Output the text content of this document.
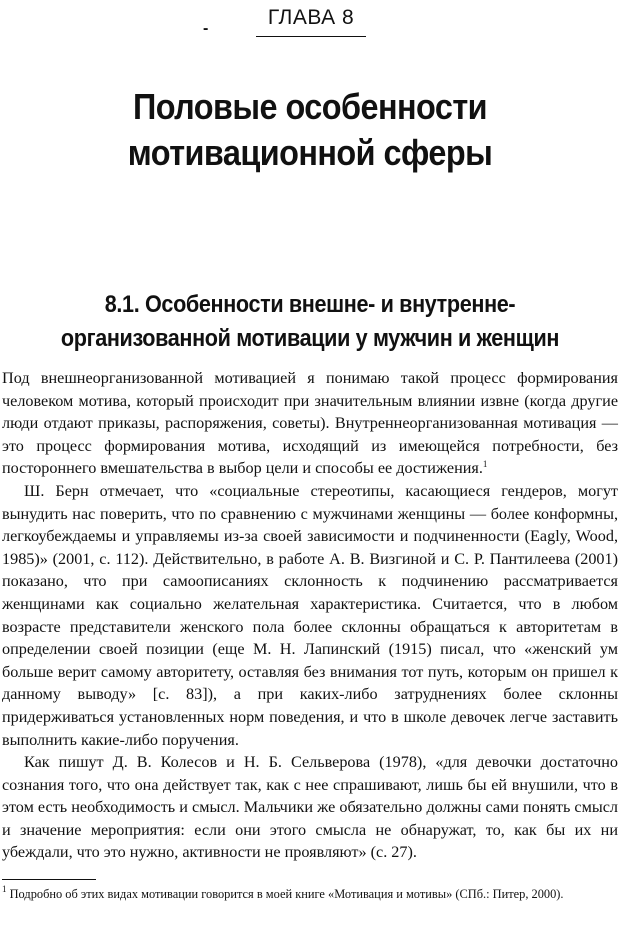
-	ГЛАВА 8
Половые особенности
мотивационной сферы
8.1. Особенности внешне- и внутренне-
организованной мотивации у мужчин и женщин

Под внешнеорганизованной мотивацией я понимаю такой процесс формирования человеком мотива, который происходит при значительным влиянии извне (когда другие люди отдают приказы, распоряжения, советы). Внутреннеорганизованная мотивация — это процесс формирования мотива, исходящий из имеющейся потребности, без постороннего вмешательства в выбор цели и способы ее достижения.$^1$

Ш. Берн отмечает, что «социальные стереотипы, касающиеся гендеров, могут вынудить нас поверить, что по сравнению с мужчинами женщины — более конформны, легкоубеждаемы и управляемы из-за своей зависимости и подчиненности (Eagly, Wood, 1985)» (2001, с. 112). Действительно, в работе А. В. Визгиной и С. Р. Пантилеева (2001) показано, что при самоописаниях склонность к подчинению рассматривается женщинами как социально желательная характеристика. Считается, что в любом возрасте представители женского пола более склонны обращаться к авторитетам в определении своей позиции (еще М. Н. Лапинский (1915) писал, что «женский ум больше верит самому авторитету, оставляя без внимания тот путь, которым он пришел к данному выводу» [с. 83]), а при каких-либо затруднениях более склонны придерживаться установленных норм поведения, и что в школе девочек легче заставить выполнить какие-либо поручения.

Как пишут Д. В. Колесов и Н. Б. Сельверова (1978), «для девочки достаточно сознания того, что она действует так, как с нее спрашивают, лишь бы ей внушили, что в этом есть необходимость и смысл. Мальчики же обязательно должны сами понять смысл и значение мероприятия: если они этого смысла не обнаружат, то, как бы их ни убеждали, что это нужно, активности не проявляют» (с. 27).

$^1$ Подробно об этих видах мотивации говорится в моей книге «Мотивация и мотивы» (СПб.: Питер, 2000).
